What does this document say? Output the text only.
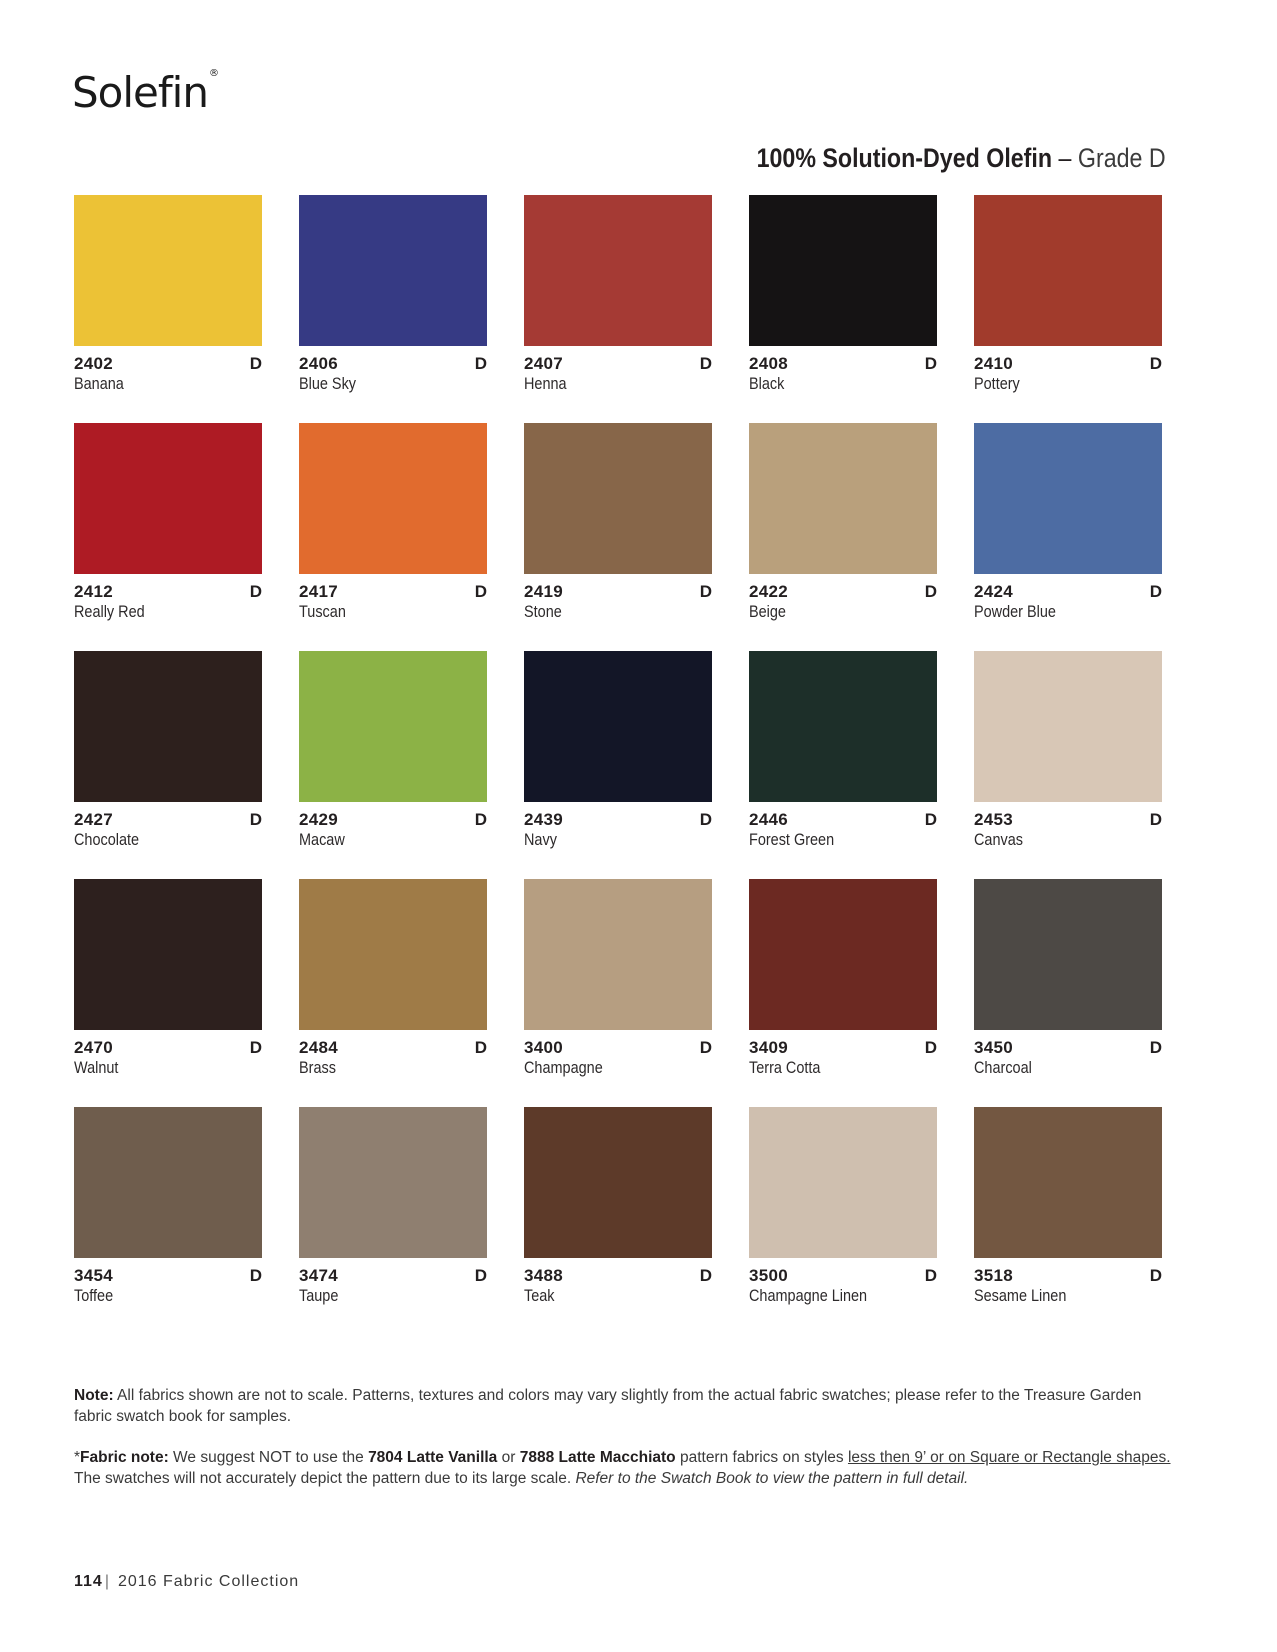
Solefin®
100% Solution-Dyed Olefin – Grade D
2402	D
Banana
2406	D
Blue Sky
2407	D
Henna
2408	D
Black
2410	D
Pottery
2412	D
Really Red
2417	D
Tuscan
2419	D
Stone
2422	D
Beige
2424	D
Powder Blue
2427	D
Chocolate
2429	D
Macaw
2439	D
Navy
2446	D
Forest Green
2453	D
Canvas
2470	D
Walnut
2484	D
Brass
3400	D
Champagne
3409	D
Terra Cotta
3450	D
Charcoal
3454	D
Toffee
3474	D
Taupe
3488	D
Teak
3500	D
Champagne Linen
3518	D
Sesame Linen

Note: All fabrics shown are not to scale. Patterns, textures and colors may vary slightly from the actual fabric swatches; please refer to the Treasure Garden fabric swatch book for samples.

*Fabric note: We suggest NOT to use the 7804 Latte Vanilla or 7888 Latte Macchiato pattern fabrics on styles less then 9’ or on Square or Rectangle shapes. The swatches will not accurately depict the pattern due to its large scale. Refer to the Swatch Book to view the pattern in full detail.

114 | 2016 Fabric Collection
